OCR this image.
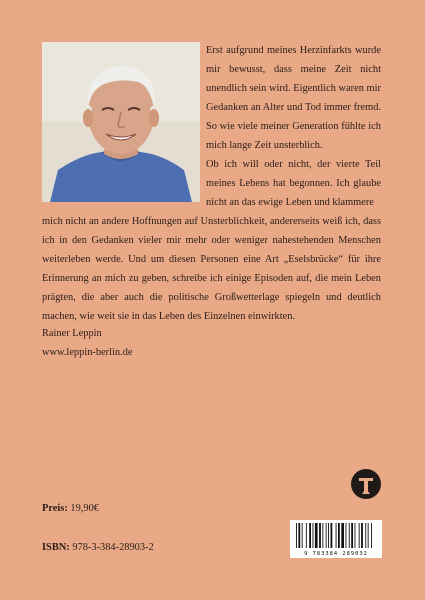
Erst aufgrund meines Herzinfarkts wurde mir bewusst, dass meine Zeit nicht unendlich sein wird. Eigentlich waren mir Gedanken an Alter und Tod immer fremd. So wie viele meiner Generation fühlte ich mich lange Zeit unsterblich.

Ob ich will oder nicht, der vierte Teil meines Lebens hat begonnen. Ich glaube nicht an das ewige Leben und klammere

mich nicht an andere Hoffnungen auf Unsterblichkeit, andererseits weiß ich, dass ich in den Gedanken vieler mir mehr oder weniger nahestehenden Menschen weiterleben werde. Und um diesen Personen eine Art „Eselsbrücke“ für ihre Erinnerung an mich zu geben, schreibe ich einige Episoden auf, die mein Leben prägten, die aber auch die politische Großwetterlage spiegeln und deutlich machen, wie weit sie in das Leben des Einzelnen einwirkten.

Rainer Leppin
www.leppin-berlin.de
Preis: 19,90€
ISBN: 978-3-384-28903-2
9 783384 289032
